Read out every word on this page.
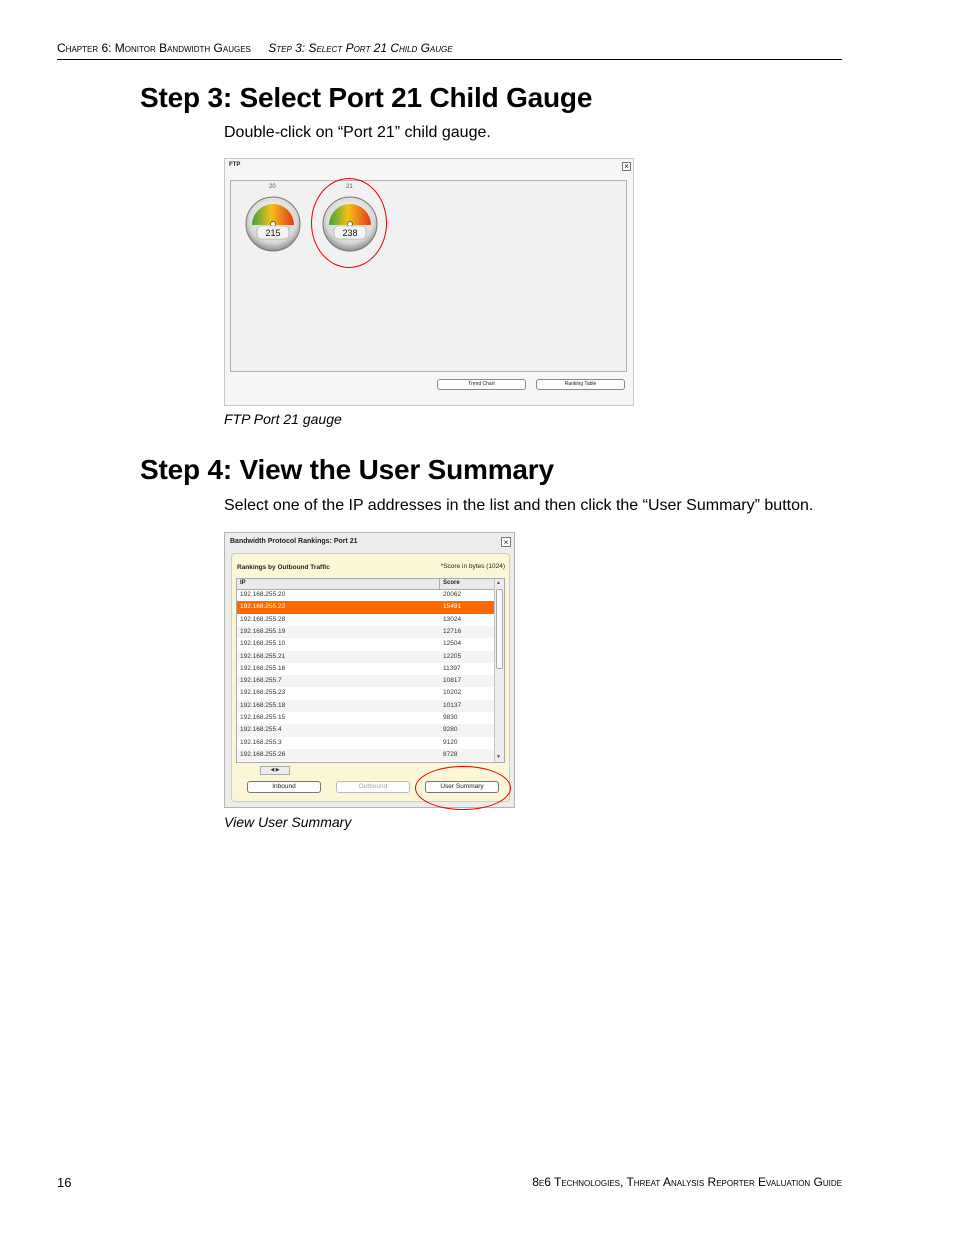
Chapter 6: Monitor Bandwidth Gauges Step 3: Select Port 21 Child Gauge
Step 3: Select Port 21 Child Gauge

Double-click on “Port 21” child gauge.

FTP	×
20
215
21
238
Trend Chart	Ranking Table

FTP Port 21 gauge

Step 4: View the User Summary

Select one of the IP addresses in the list and then click the “User Summary” button.

Bandwidth Protocol Rankings: Port 21	×
Rankings by Outbound Traffic	*Score in bytes (1024)
IP	Score
192.168.255.20	20062
192.168.255.22	15491
192.168.255.28	13024
192.168.255.19	12716
192.168.255.10	12504
192.168.255.21	12205
192.168.255.16	11397
192.168.255.7	10817
192.168.255.23	10202
192.168.255.18	10137
192.168.255.15	9830
192.168.255.4	9280
192.168.255.3	9120
192.168.255.26	8728
▲
▼
◀ ▶
Inbound	Outbound	User Summary

View User Summary

16	8e6 Technologies, Threat Analysis Reporter Evaluation Guide
